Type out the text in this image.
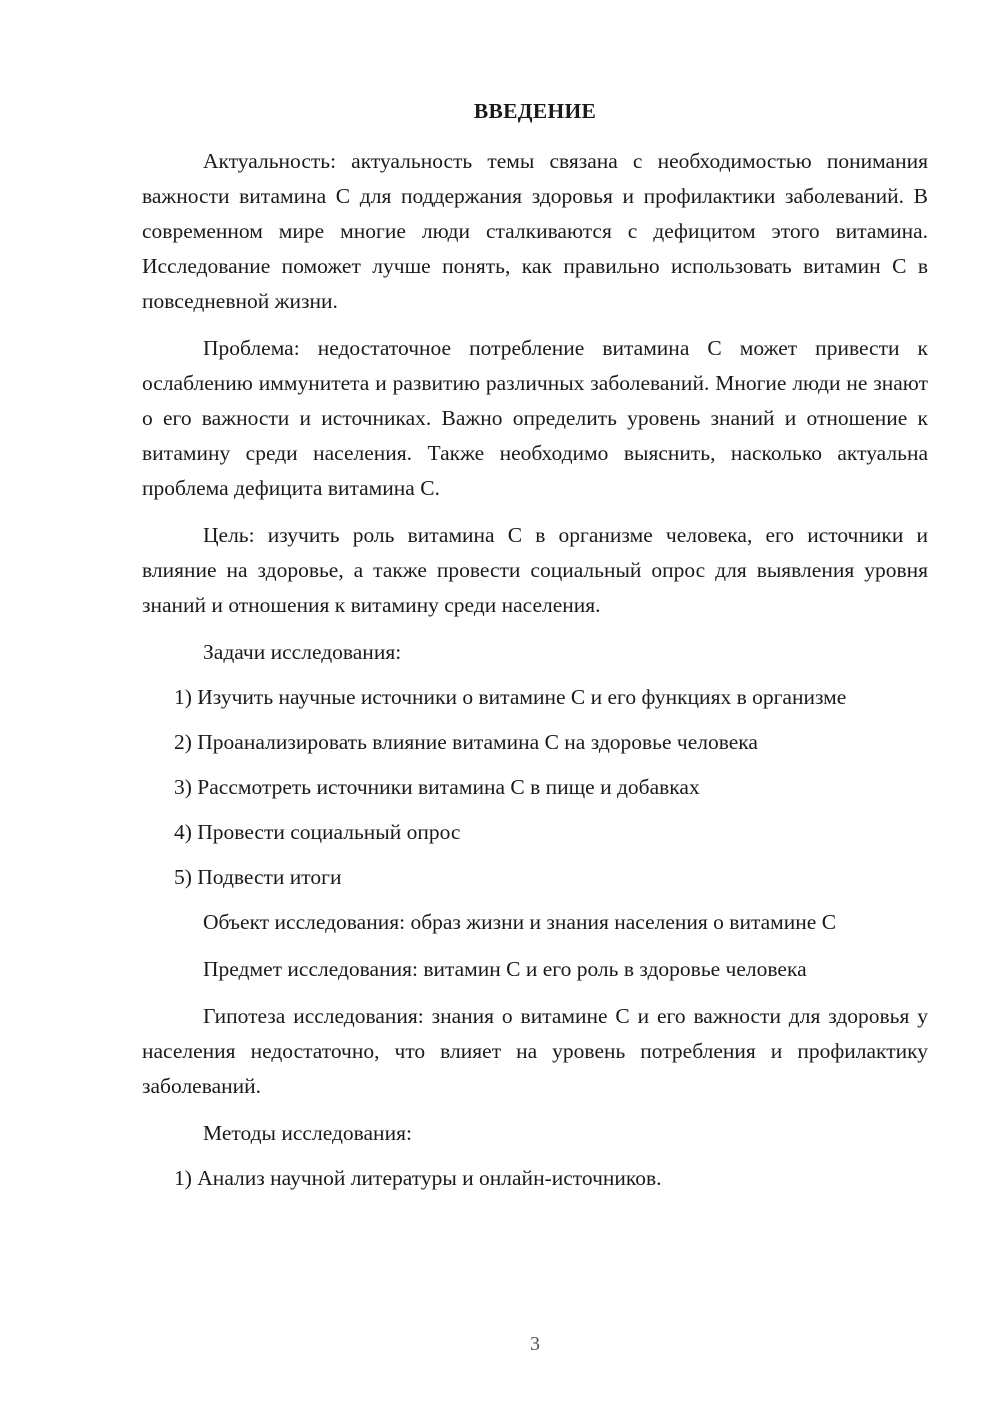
ВВЕДЕНИЕ

Актуальность: актуальность темы связана с необходимостью понимания важности витамина С для поддержания здоровья и профилактики заболеваний. В современном мире многие люди сталкиваются с дефицитом этого витамина. Исследование поможет лучше понять, как правильно использовать витамин С в повседневной жизни.

Проблема: недостаточное потребление витамина С может привести к ослаблению иммунитета и развитию различных заболеваний. Многие люди не знают о его важности и источниках. Важно определить уровень знаний и отношение к витамину среди населения. Также необходимо выяснить, насколько актуальна проблема дефицита витамина С.

Цель: изучить роль витамина С в организме человека, его источники и влияние на здоровье, а также провести социальный опрос для выявления уровня знаний и отношения к витамину среди населения.

Задачи исследования:

1) Изучить научные источники о витамине С и его функциях в организме

2) Проанализировать влияние витамина С на здоровье человека

3) Рассмотреть источники витамина С в пище и добавках

4) Провести социальный опрос

5) Подвести итоги

Объект исследования: образ жизни и знания населения о витамине С

Предмет исследования: витамин С и его роль в здоровье человека

Гипотеза исследования: знания о витамине С и его важности для здоровья у населения недостаточно, что влияет на уровень потребления и профилактику заболеваний.

Методы исследования:

1) Анализ научной литературы и онлайн-источников.

3
